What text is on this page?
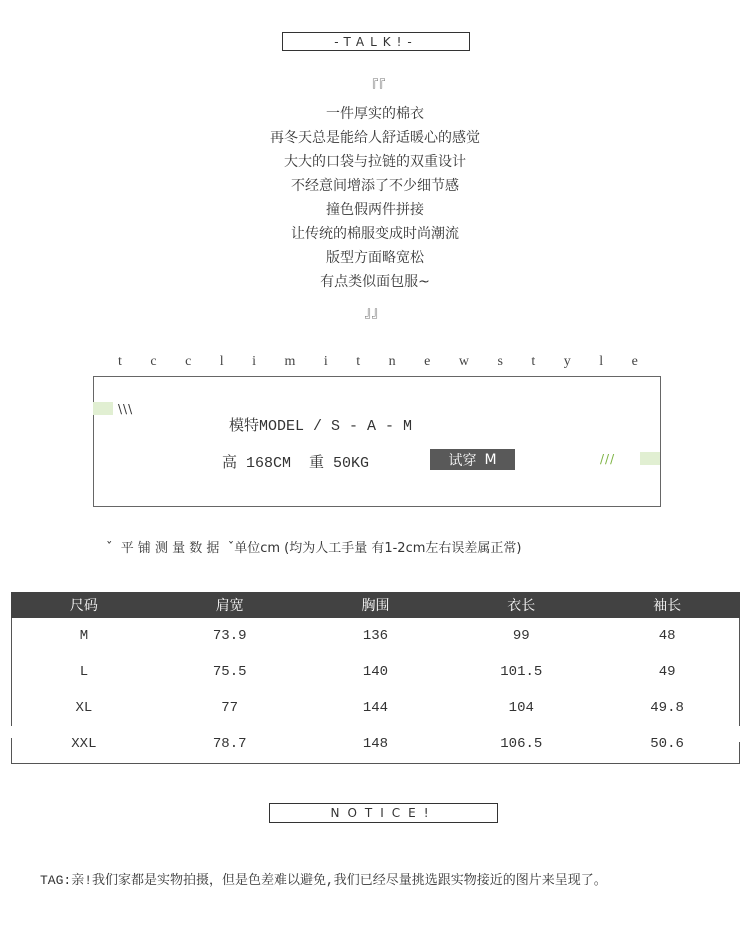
-TALK!-
『『
一件厚实的棉衣
再冬天总是能给人舒适暖心的感觉
大大的口袋与拉链的双重设计
不经意间增添了不少细节感
撞色假两件拼接
让传统的棉服变成时尚潮流
版型方面略宽松
有点类似面包服~
』』
t c c l i m i t n e w s t y l e
\\\
模特MODEL / S - A - M
高 168CM  重 50KG	试穿 M	///
ˇ  平 铺 测 量 数 据  ˇ单位cm (均为人工手量 有1-2cm左右误差属正常)
尺码	肩宽	胸围	衣长	袖长
M	73.9	136	99	48
L	75.5	140	101.5	49
XL	77	144	104	49.8
XXL	78.7	148	106.5	50.6
NOTICE!
TAG:亲!我们家都是实物拍摄，但是色差难以避免,我们已经尽量挑选跟实物接近的图片来呈现了。
